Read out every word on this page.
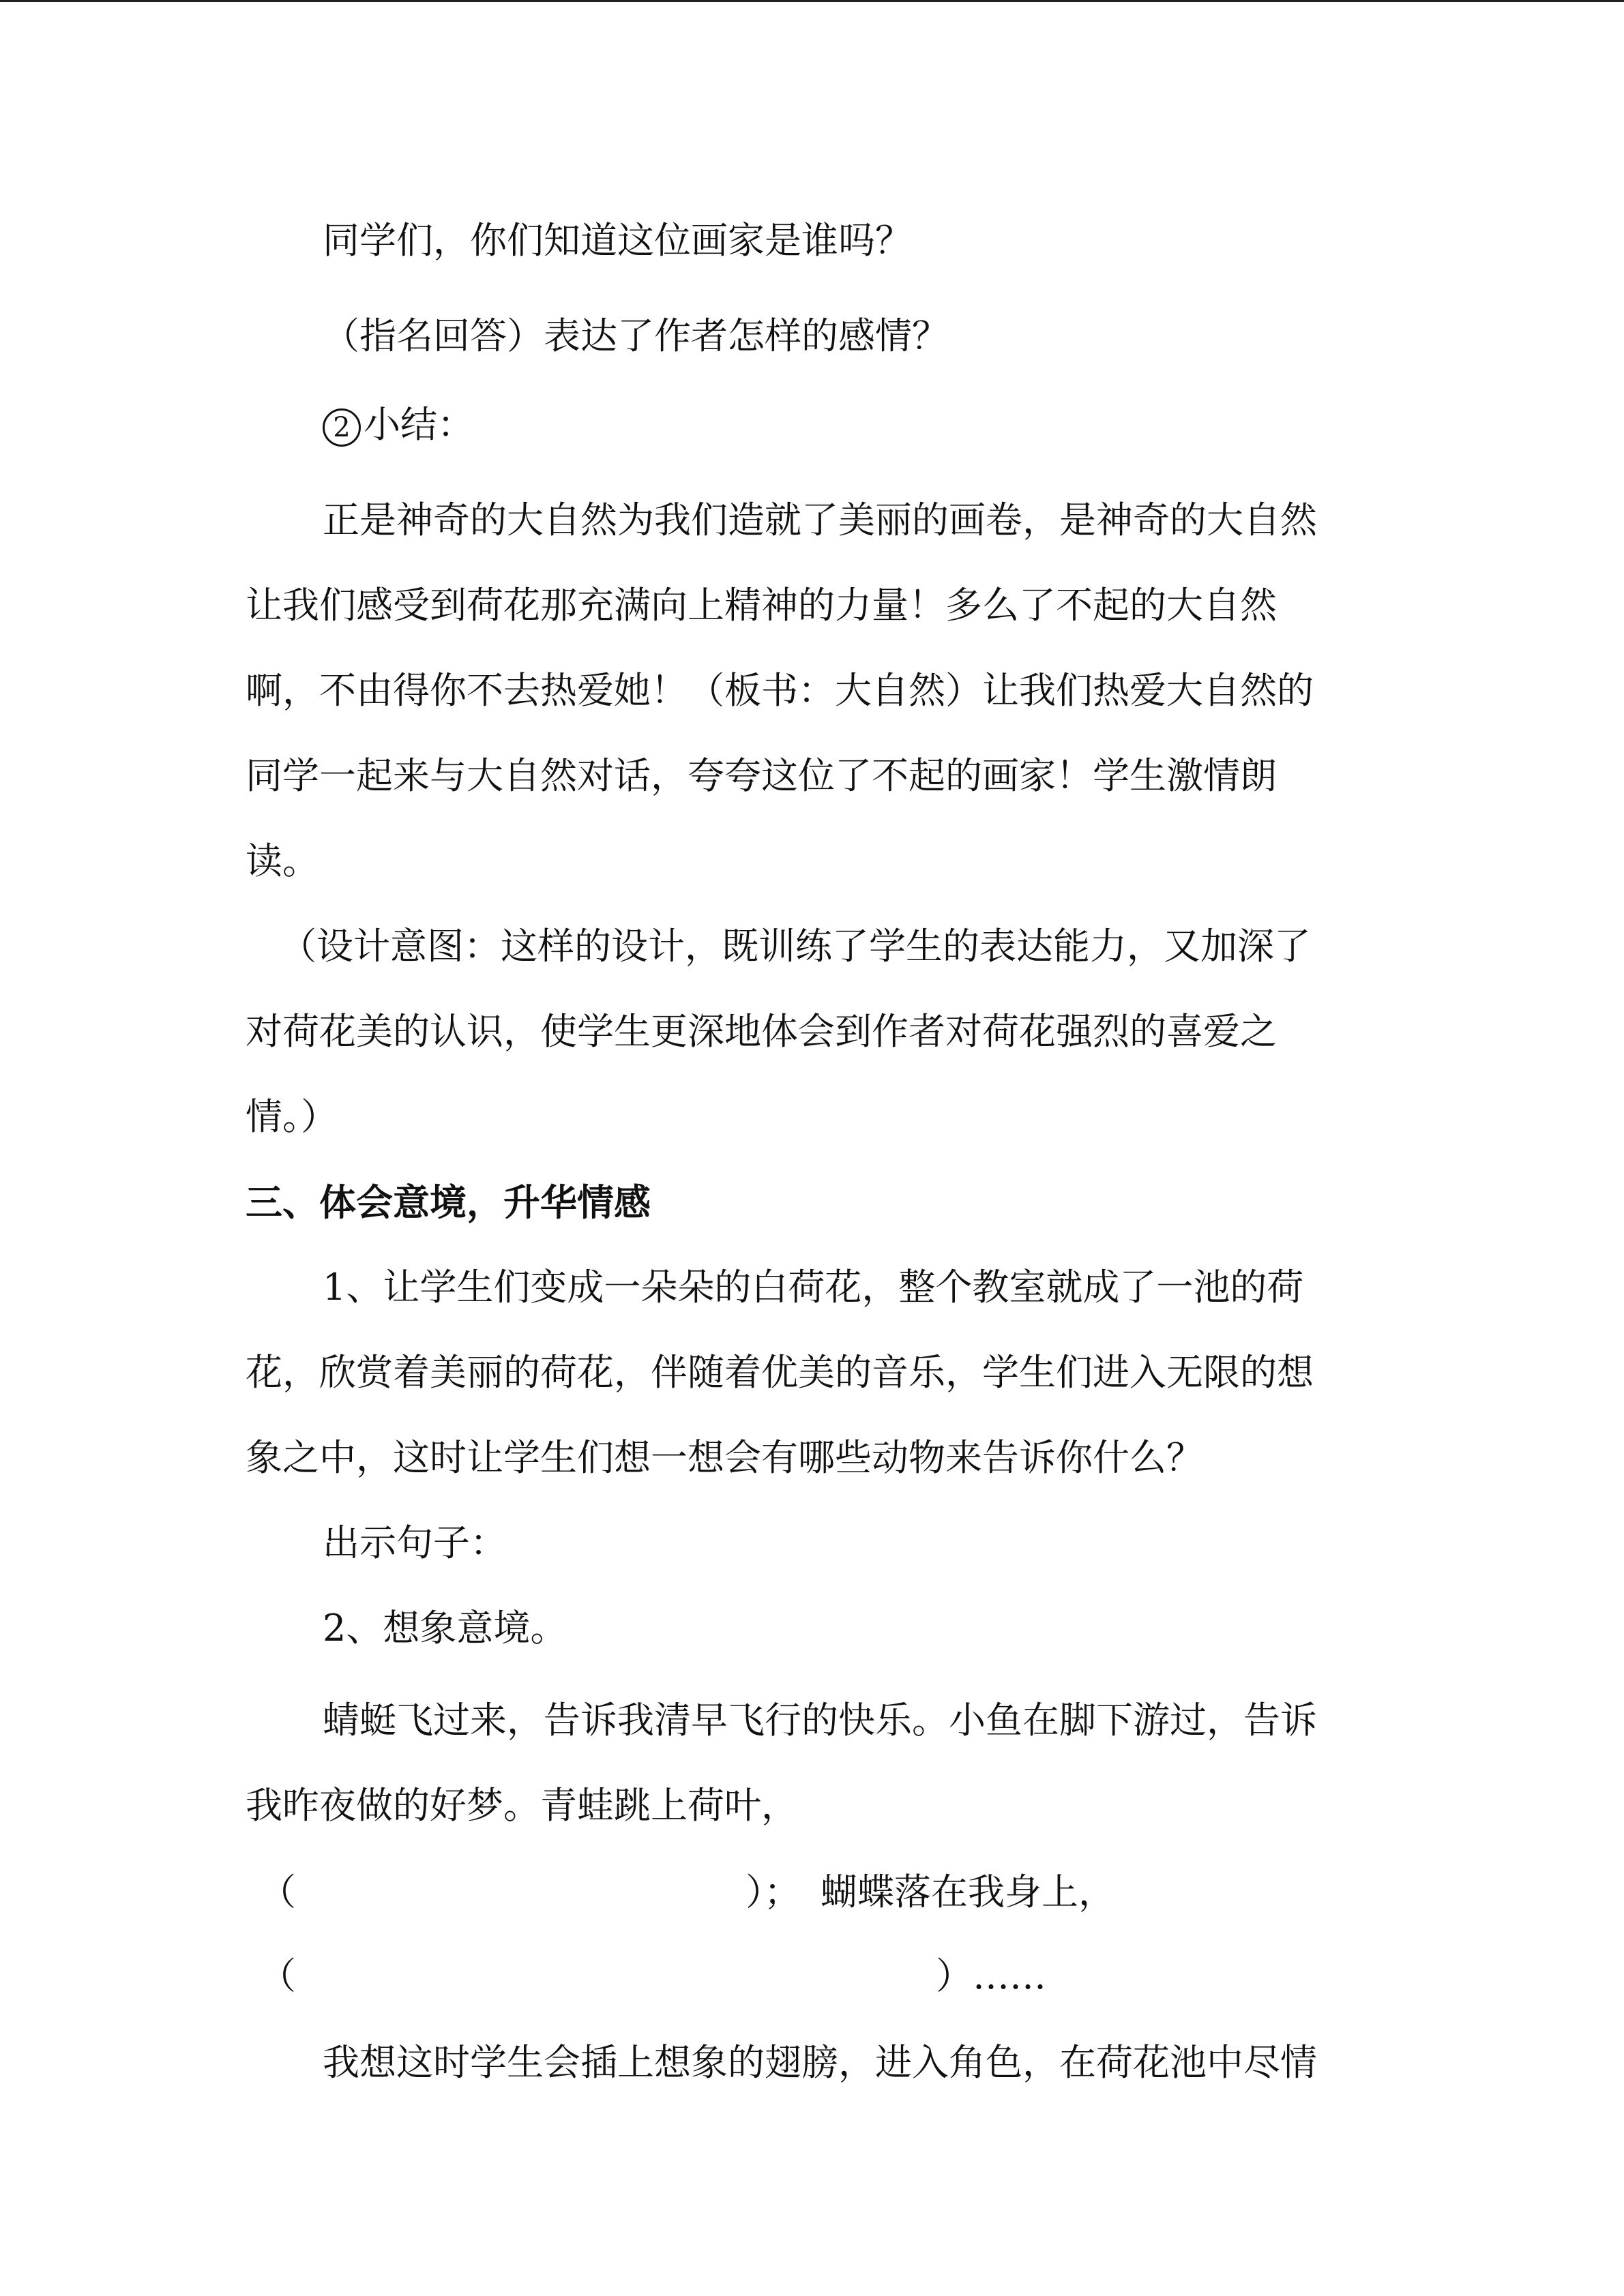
同学们，你们知道这位画家是谁吗？
（指名回答）表达了作者怎样的感情？
2 小结：
正是神奇的大自然为我们造就了美丽的画卷，是神奇的大自然
让我们感受到荷花那充满向上精神的力量！多么了不起的大自然
啊，不由得你不去热爱她！（板书：大自然）让我们热爱大自然的
同学一起来与大自然对话，夸夸这位了不起的画家！学生激情朗
读。
（设计意图：这样的设计，既训练了学生的表达能力，又加深了
对荷花美的认识，使学生更深地体会到作者对荷花强烈的喜爱之
情。）
三、体会意境，升华情感
1、让学生们变成一朵朵的白荷花，整个教室就成了一池的荷
花，欣赏着美丽的荷花，伴随着优美的音乐，学生们进入无限的想
象之中，这时让学生们想一想会有哪些动物来告诉你什么？
出示句子：
2、想象意境。
蜻蜓飞过来，告诉我清早飞行的快乐。小鱼在脚下游过，告诉
我昨夜做的好梦。青蛙跳上荷叶，
（	）； 蝴蝶落在我身上，
（	）……
我想这时学生会插上想象的翅膀，进入角色，在荷花池中尽情
